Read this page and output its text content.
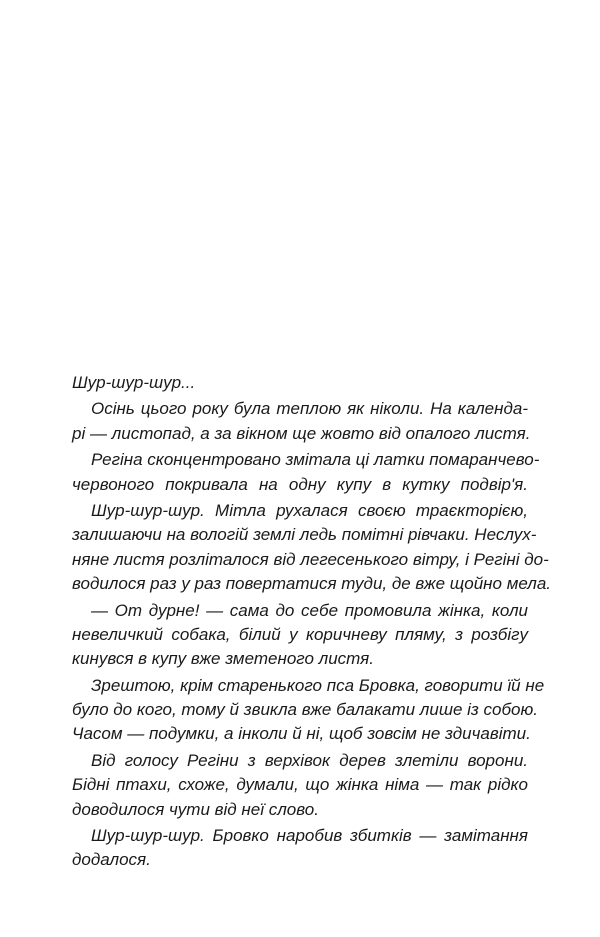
Шур-шур-шур...
Осінь цього року була теплою як ніколи. На календа-
рі — листопад, а за вікном ще жовто від опалого листя.
Регіна сконцентровано змітала ці латки помаранчево-
червоного покривала на одну купу в кутку подвір'я.
Шур-шур-шур. Мітла рухалася своєю траєкторією,
залишаючи на вологій землі ледь помітні рівчаки. Неслух-
няне листя розліталося від легесенького вітру, і Регіні до-
водилося раз у раз повертатися туди, де вже щойно мела.
— От дурне! — сама до себе промовила жінка, коли
невеличкий собака, білий у коричневу пляму, з розбігу
кинувся в купу вже зметеного листя.
Зрештою, крім старенького пса Бровка, говорити їй не
було до кого, тому й звикла вже балакати лише із собою.
Часом — подумки, а інколи й ні, щоб зовсім не здичавіти.
Від голосу Регіни з верхівок дерев злетіли ворони.
Бідні птахи, схоже, думали, що жінка німа — так рідко
доводилося чути від неї слово.
Шур-шур-шур. Бровко наробив збитків — замітання
додалося.
